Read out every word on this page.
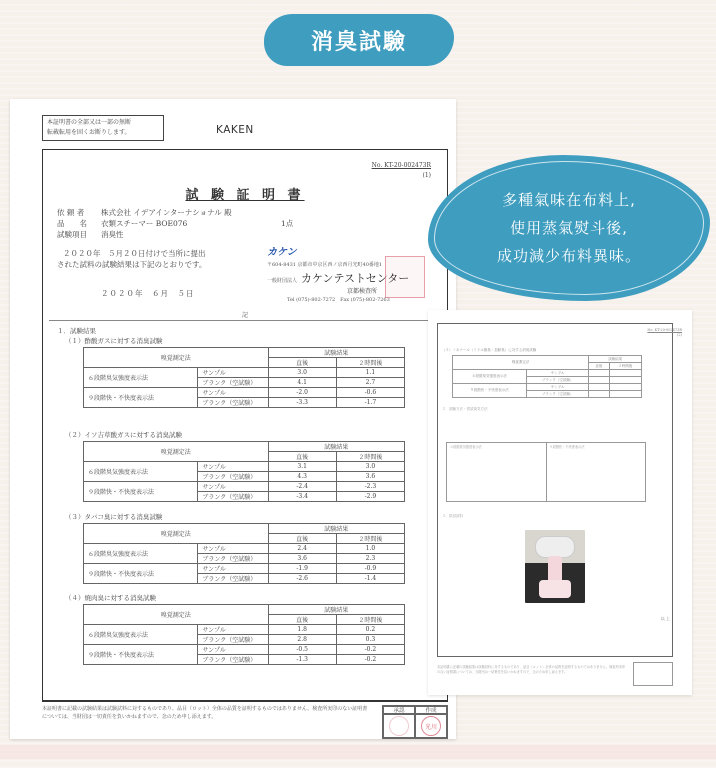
消臭試驗
本証明書の全部又は一部の無断
転載転用を固くお断りします。	KAKEN
No. KT-20-002473R
(1)
試 験 証 明 書
依 頼 者	株式会社 イデアインターナショナル 殿
品　　名	衣類スチーマー BOE076	1点
試験項目	消臭性
２０２０年　５月２０日付けで当所に提出
された試料の試験結果は下記のとおりです。
２０２０年　６月　５日
カケン
〒604-8431 京都市中京区西ノ京西月光町40番地1
一般財団法人 カケンテストセンター
京都検査所
Tel (075)-802-7272　Fax (075)-802-7263
記
１．試験結果
（１）酢酸ガスに対する消臭試験
嗅覚測定法		試験結果	
		直後	２時間後
６段階臭気強度表示法	サンプル	3.0	1.1
	ブランク（空試験）	4.1	2.7
９段階快・不快度表示法	サンプル	-2.0	-0.6
	ブランク（空試験）	-3.3	-1.7
（２）イソ吉草酸ガスに対する消臭試験
嗅覚測定法		試験結果	
		直後	２時間後
６段階臭気強度表示法	サンプル	3.1	3.0
	ブランク（空試験）	4.3	3.6
９段階快・不快度表示法	サンプル	-2.4	-2.3
	ブランク（空試験）	-3.4	-2.9
（３）タバコ臭に対する消臭試験
嗅覚測定法		試験結果	
		直後	２時間後
６段階臭気強度表示法	サンプル	2.4	1.0
	ブランク（空試験）	3.6	2.3
９段階快・不快度表示法	サンプル	-1.9	-0.9
	ブランク（空試験）	-2.6	-1.4
（４）焼肉臭に対する消臭試験
嗅覚測定法		試験結果	
		直後	２時間後
６段階臭気強度表示法	サンプル	1.8	0.2
	ブランク（空試験）	2.8	0.3
９段階快・不快度表示法	サンプル	-0.5	-0.2
	ブランク（空試験）	-1.3	-0.2
本証明書に記載の試験結果は試験試料に対するものであり、品目（ロット）全体の品質を証明するものではありません。検査所実印のない証明書については、当財団は一切責任を負いかねますので、念のため申し添えます。
承認	作成
光川
No. KT-20-002473R
(2)
（５）ノネナール（ミドル脂臭・加齢臭）に対する消臭試験
嗅覚測定法		試験結果	
		直後	２時間後
６段階臭気強度表示法	サンプル		
	ブランク（空試験）		
９段階快・不快度表示法	サンプル		
	ブランク（空試験）		
２．試験方法・供試臭気方法
６段階臭気強度表示法	９段階快・不快度表示法
３．供試試料
以 上
本証明書に記載の試験結果は試験試料に対するものであり、品目（ロット）全体の品質を証明するものではありません。検査所実印のない証明書については、当財団は一切責任を負いかねますので、念のため申し添えます。
多種氣味在布料上,
使用蒸氣熨斗後,
成功減少布料異味。
